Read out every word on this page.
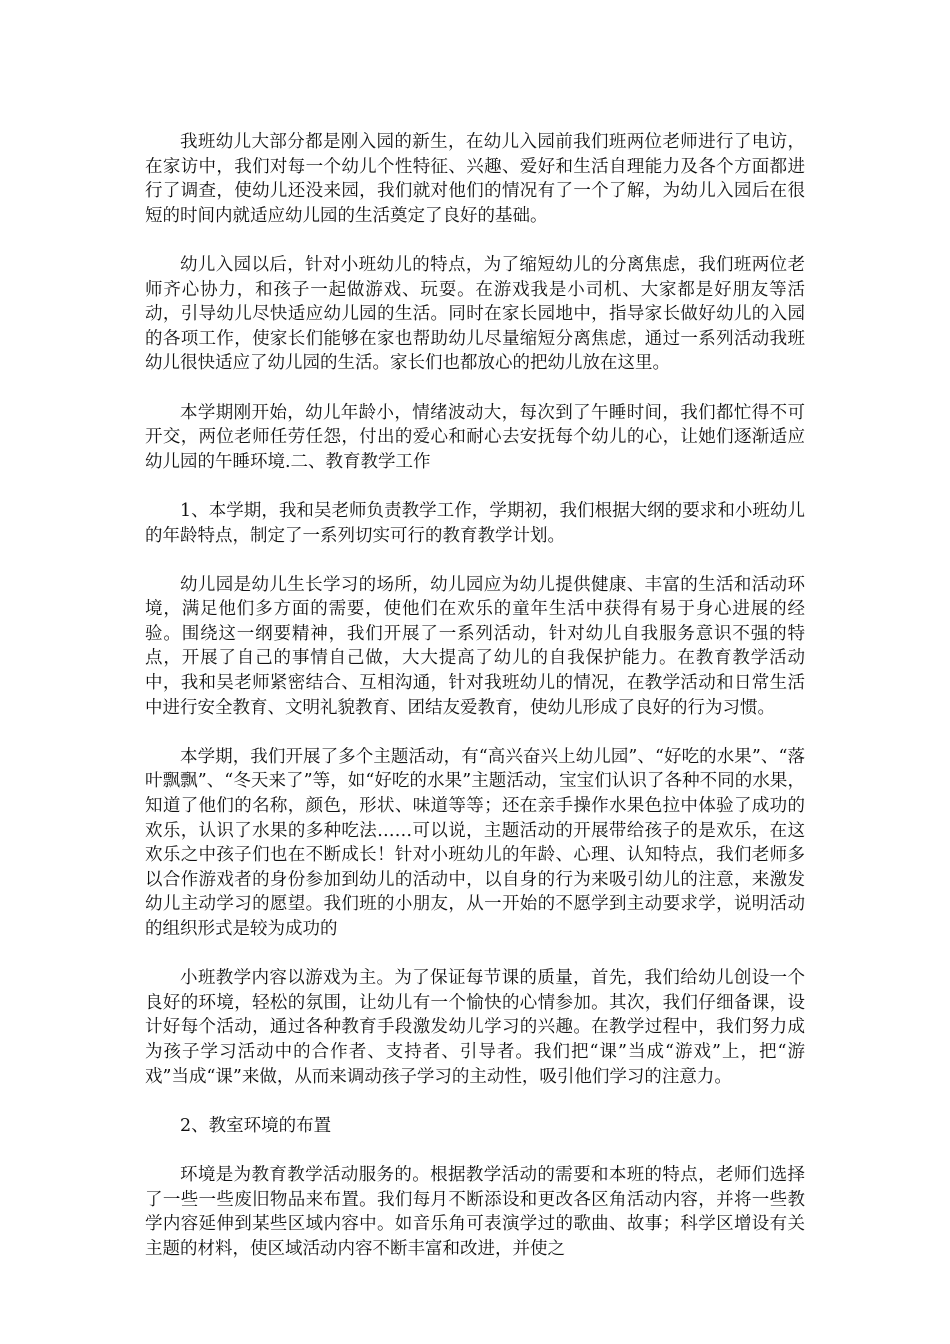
我班幼儿大部分都是刚入园的新生，在幼儿入园前我们班两位老师进行了电访，在家访中，我们对每一个幼儿个性特征、兴趣、爱好和生活自理能力及各个方面都进行了调查，使幼儿还没来园，我们就对他们的情况有了一个了解，为幼儿入园后在很短的时间内就适应幼儿园的生活奠定了良好的基础。

幼儿入园以后，针对小班幼儿的特点，为了缩短幼儿的分离焦虑，我们班两位老师齐心协力，和孩子一起做游戏、玩耍。在游戏我是小司机、大家都是好朋友等活动，引导幼儿尽快适应幼儿园的生活。同时在家长园地中，指导家长做好幼儿的入园的各项工作，使家长们能够在家也帮助幼儿尽量缩短分离焦虑，通过一系列活动我班幼儿很快适应了幼儿园的生活。家长们也都放心的把幼儿放在这里。

本学期刚开始，幼儿年龄小，情绪波动大，每次到了午睡时间，我们都忙得不可开交，两位老师任劳任怨，付出的爱心和耐心去安抚每个幼儿的心，让她们逐渐适应幼儿园的午睡环境.二、教育教学工作

1、本学期，我和吴老师负责教学工作，学期初，我们根据大纲的要求和小班幼儿的年龄特点，制定了一系列切实可行的教育教学计划。

幼儿园是幼儿生长学习的场所，幼儿园应为幼儿提供健康、丰富的生活和活动环境，满足他们多方面的需要，使他们在欢乐的童年生活中获得有易于身心进展的经验。围绕这一纲要精神，我们开展了一系列活动，针对幼儿自我服务意识不强的特点，开展了自己的事情自己做，大大提高了幼儿的自我保护能力。在教育教学活动中，我和吴老师紧密结合、互相沟通，针对我班幼儿的情况，在教学活动和日常生活中进行安全教育、文明礼貌教育、团结友爱教育，使幼儿形成了良好的行为习惯。

本学期，我们开展了多个主题活动，有“高兴奋兴上幼儿园”、“好吃的水果”、“落叶飘飘”、“冬天来了”等，如“好吃的水果”主题活动，宝宝们认识了各种不同的水果，知道了他们的名称，颜色，形状、味道等等；还在亲手操作水果色拉中体验了成功的欢乐，认识了水果的多种吃法……可以说，主题活动的开展带给孩子的是欢乐，在这欢乐之中孩子们也在不断成长！针对小班幼儿的年龄、心理、认知特点，我们老师多以合作游戏者的身份参加到幼儿的活动中，以自身的行为来吸引幼儿的注意，来激发幼儿主动学习的愿望。我们班的小朋友，从一开始的不愿学到主动要求学，说明活动的组织形式是较为成功的

小班教学内容以游戏为主。为了保证每节课的质量，首先，我们给幼儿创设一个良好的环境，轻松的氛围，让幼儿有一个愉快的心情参加。其次，我们仔细备课，设计好每个活动，通过各种教育手段激发幼儿学习的兴趣。在教学过程中，我们努力成为孩子学习活动中的合作者、支持者、引导者。我们把“课”当成“游戏”上，把“游戏”当成“课”来做，从而来调动孩子学习的主动性，吸引他们学习的注意力。

2、教室环境的布置

环境是为教育教学活动服务的。根据教学活动的需要和本班的特点，老师们选择了一些一些废旧物品来布置。我们每月不断添设和更改各区角活动内容，并将一些教学内容延伸到某些区域内容中。如音乐角可表演学过的歌曲、故事；科学区增设有关主题的材料，使区域活动内容不断丰富和改进，并使之
